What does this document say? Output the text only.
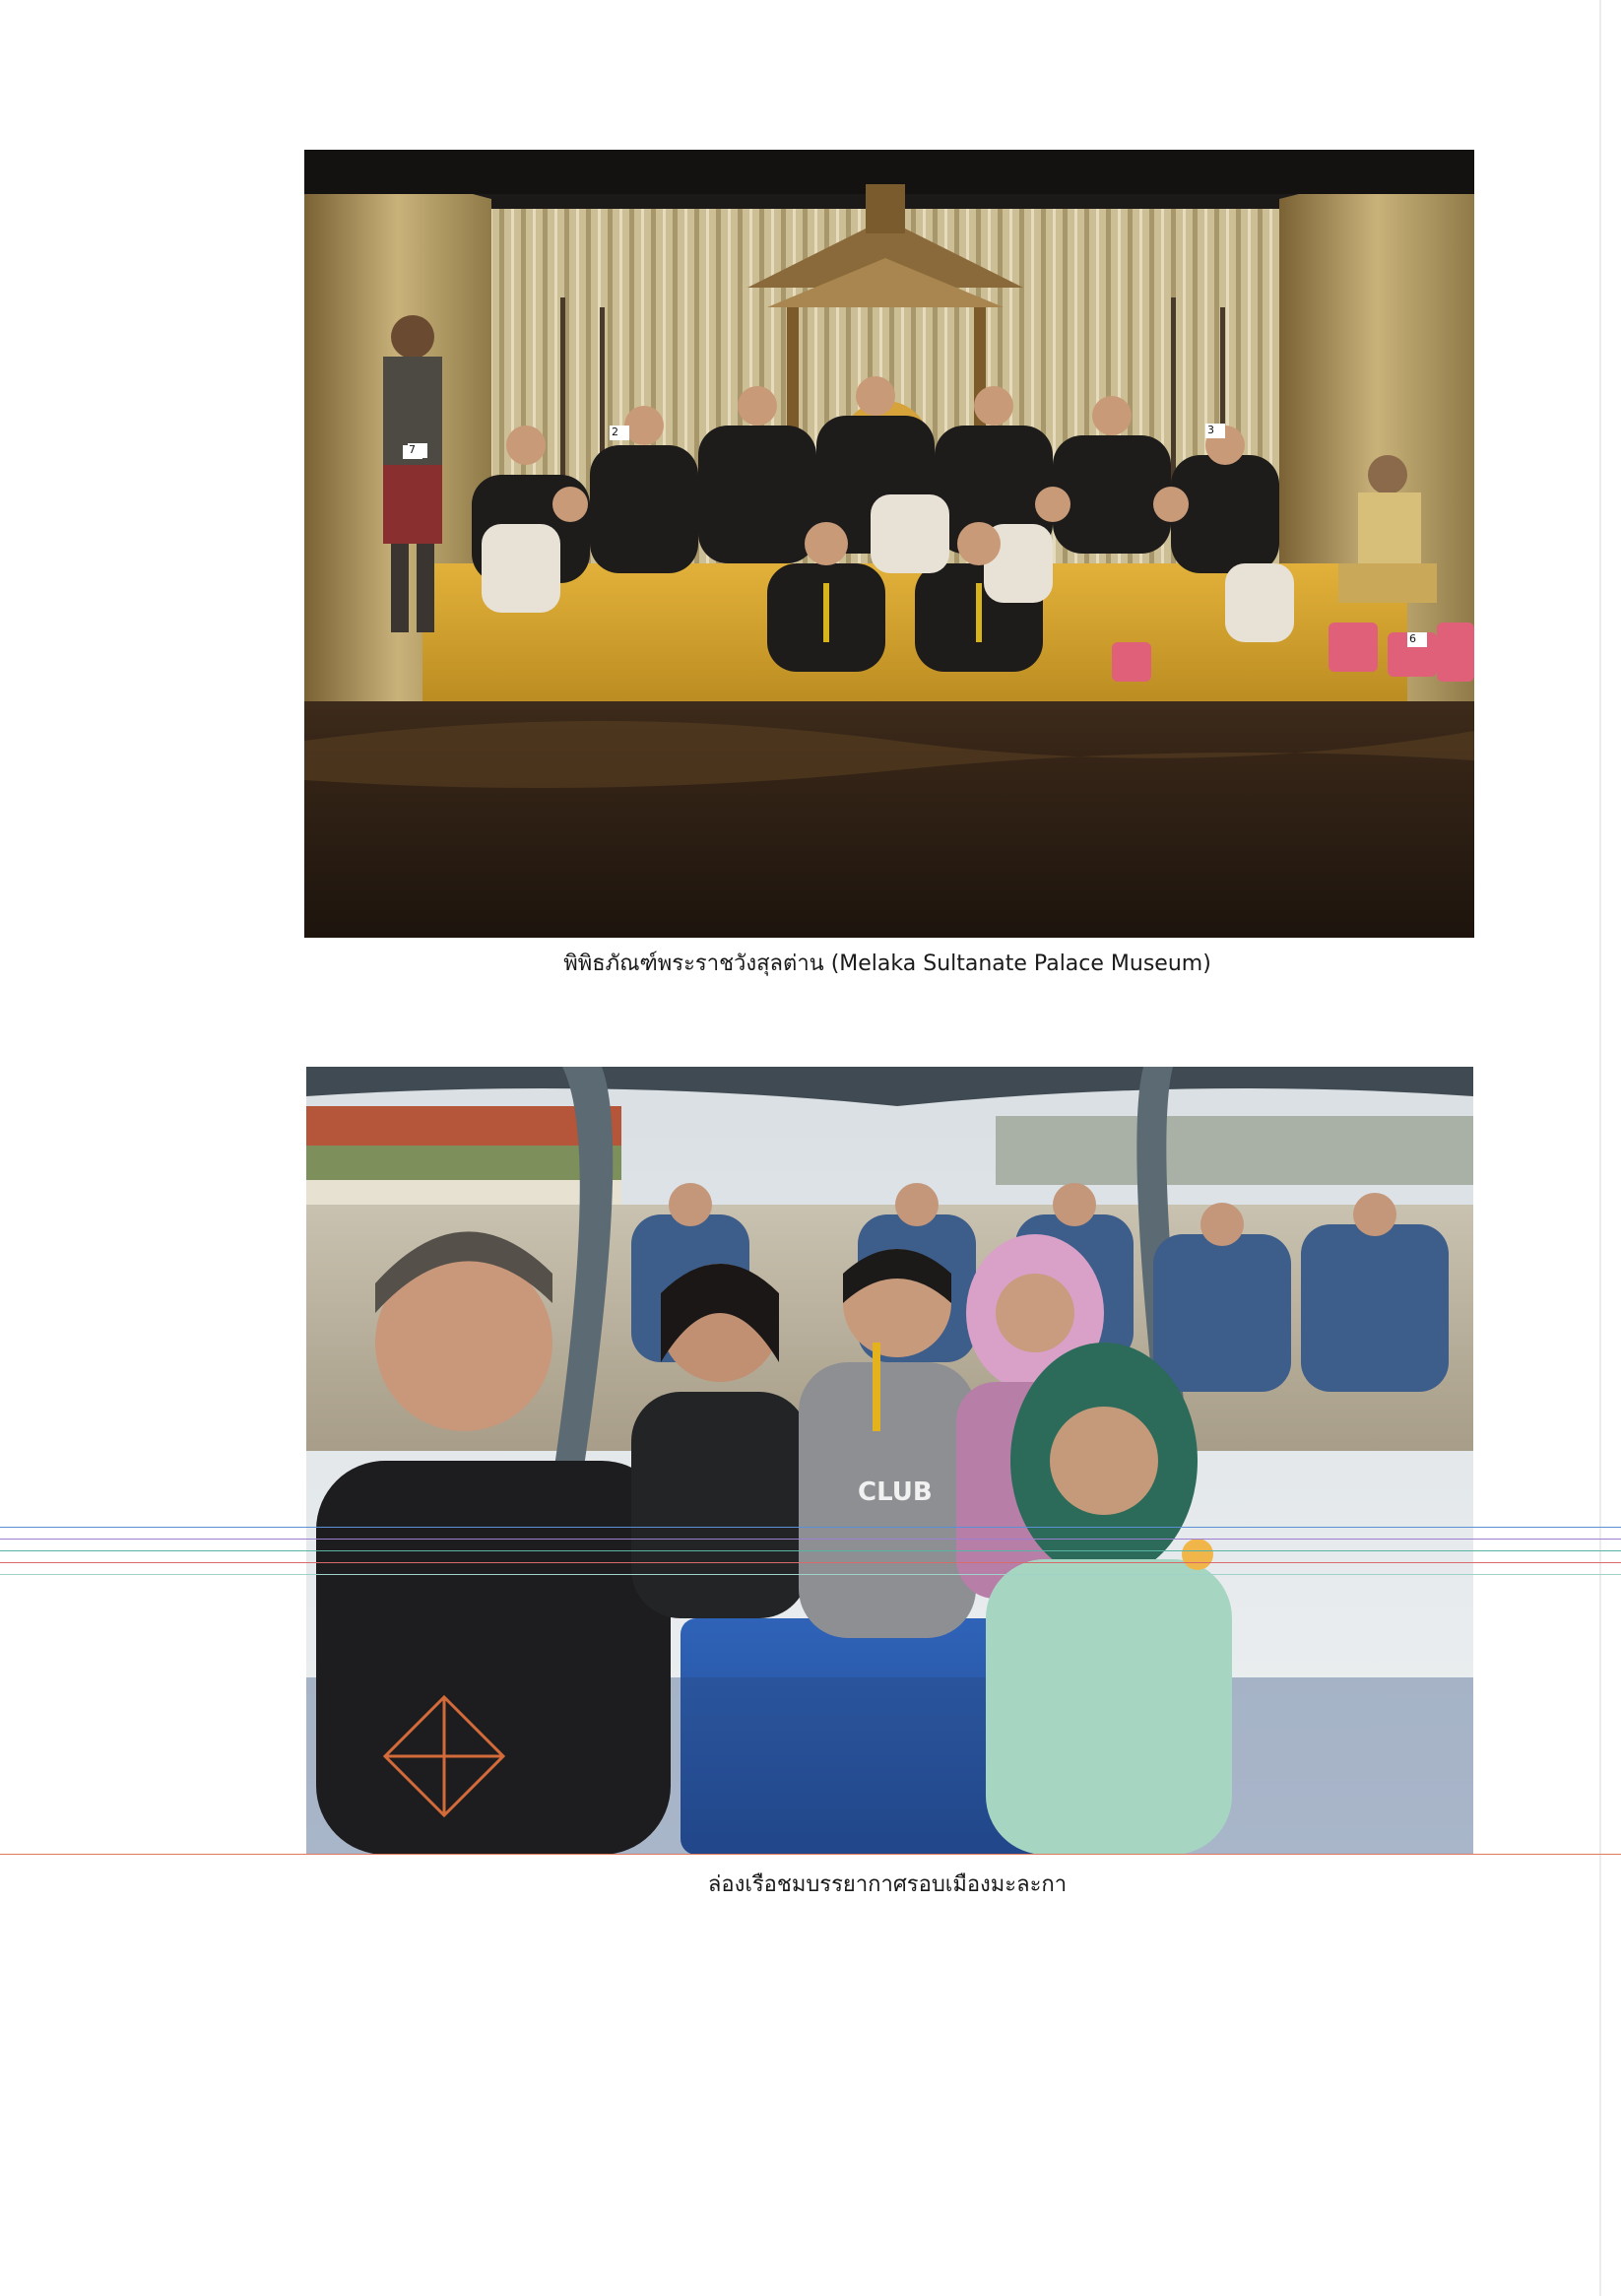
7
2	3
6
พิพิธภัณฑ์พระราชวังสุลต่าน (Melaka Sultanate Palace Museum)
CLUB
ล่องเรือชมบรรยากาศรอบเมืองมะละกา
